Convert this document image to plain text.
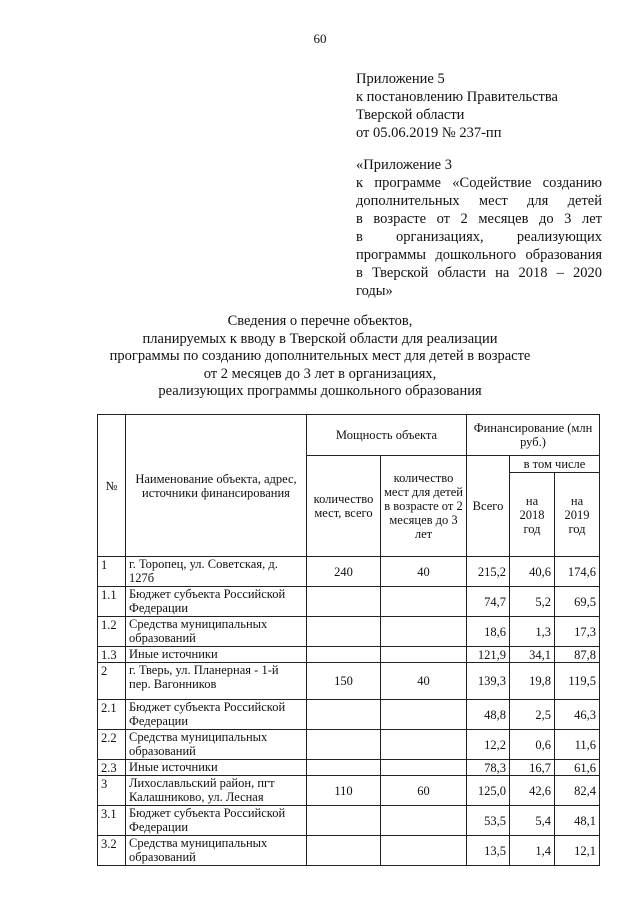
60
Приложение 5
к постановлению Правительства
Тверской области
от 05.06.2019 № 237-пп
«Приложение 3
к программе «Содействие созданию
дополнительных мест для детей
в возрасте от 2 месяцев до 3 лет
в организациях, реализующих
программы дошкольного образования
в Тверской области на 2018 – 2020
годы»
Сведения о перечне объектов,
планируемых к вводу в Тверской области для реализации
программы по созданию дополнительных мест для детей в возрасте
от 2 месяцев до 3 лет в организациях,
реализующих программы дошкольного образования
№	Наименование объекта, адрес, источники финансирования	Мощность объекта		Финансирование (млн руб.)		
		количество мест, всего	количество мест для детей в возрасте от 2 месяцев до 3 лет	Всего	в том числе	
					на 2018 год	на 2019 год
1	г. Торопец, ул. Советская, д. 127б	240	40	215,2	40,6	174,6
1.1	Бюджет субъекта Российской Федерации			74,7	5,2	69,5
1.2	Средства муниципальных образований			18,6	1,3	17,3
1.3	Иные источники			121,9	34,1	87,8
2	г. Тверь, ул. Планерная - 1-й пер. Вагонников	150	40	139,3	19,8	119,5
2.1	Бюджет субъекта Российской Федерации			48,8	2,5	46,3
2.2	Средства муниципальных образований			12,2	0,6	11,6
2.3	Иные источники			78,3	16,7	61,6
3	Лихославльский район, пгт Калашниково, ул. Лесная	110	60	125,0	42,6	82,4
3.1	Бюджет субъекта Российской Федерации			53,5	5,4	48,1
3.2	Средства муниципальных образований			13,5	1,4	12,1
